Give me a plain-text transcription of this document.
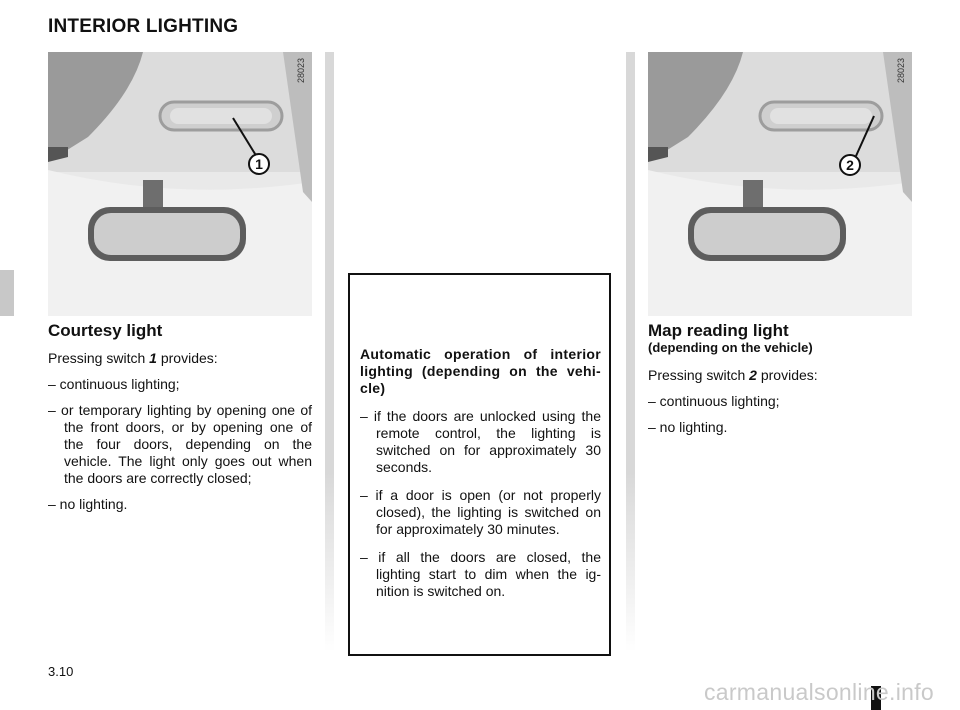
INTERIOR LIGHTING
28023
1
28023
2
Courtesy light
Pressing switch 1 provides:
– continuous lighting;
– or temporary lighting by opening one of the front doors, or by opening one of the four doors, depending on the vehicle. The light only goes out when the doors are correctly closed;
– no lighting.
Automatic operation of interior lighting (depending on the vehi-cle)
– if the doors are unlocked using the remote control, the lighting is switched on for approximately 30 seconds.
– if a door is open (or not properly closed), the lighting is switched on for approximately 30 minutes.
– if all the doors are closed, the lighting start to dim when the ig-nition is switched on.
Map reading light
(depending on the vehicle)
Pressing switch 2 provides:
– continuous lighting;
– no lighting.
3.10
carmanualsonline.info
